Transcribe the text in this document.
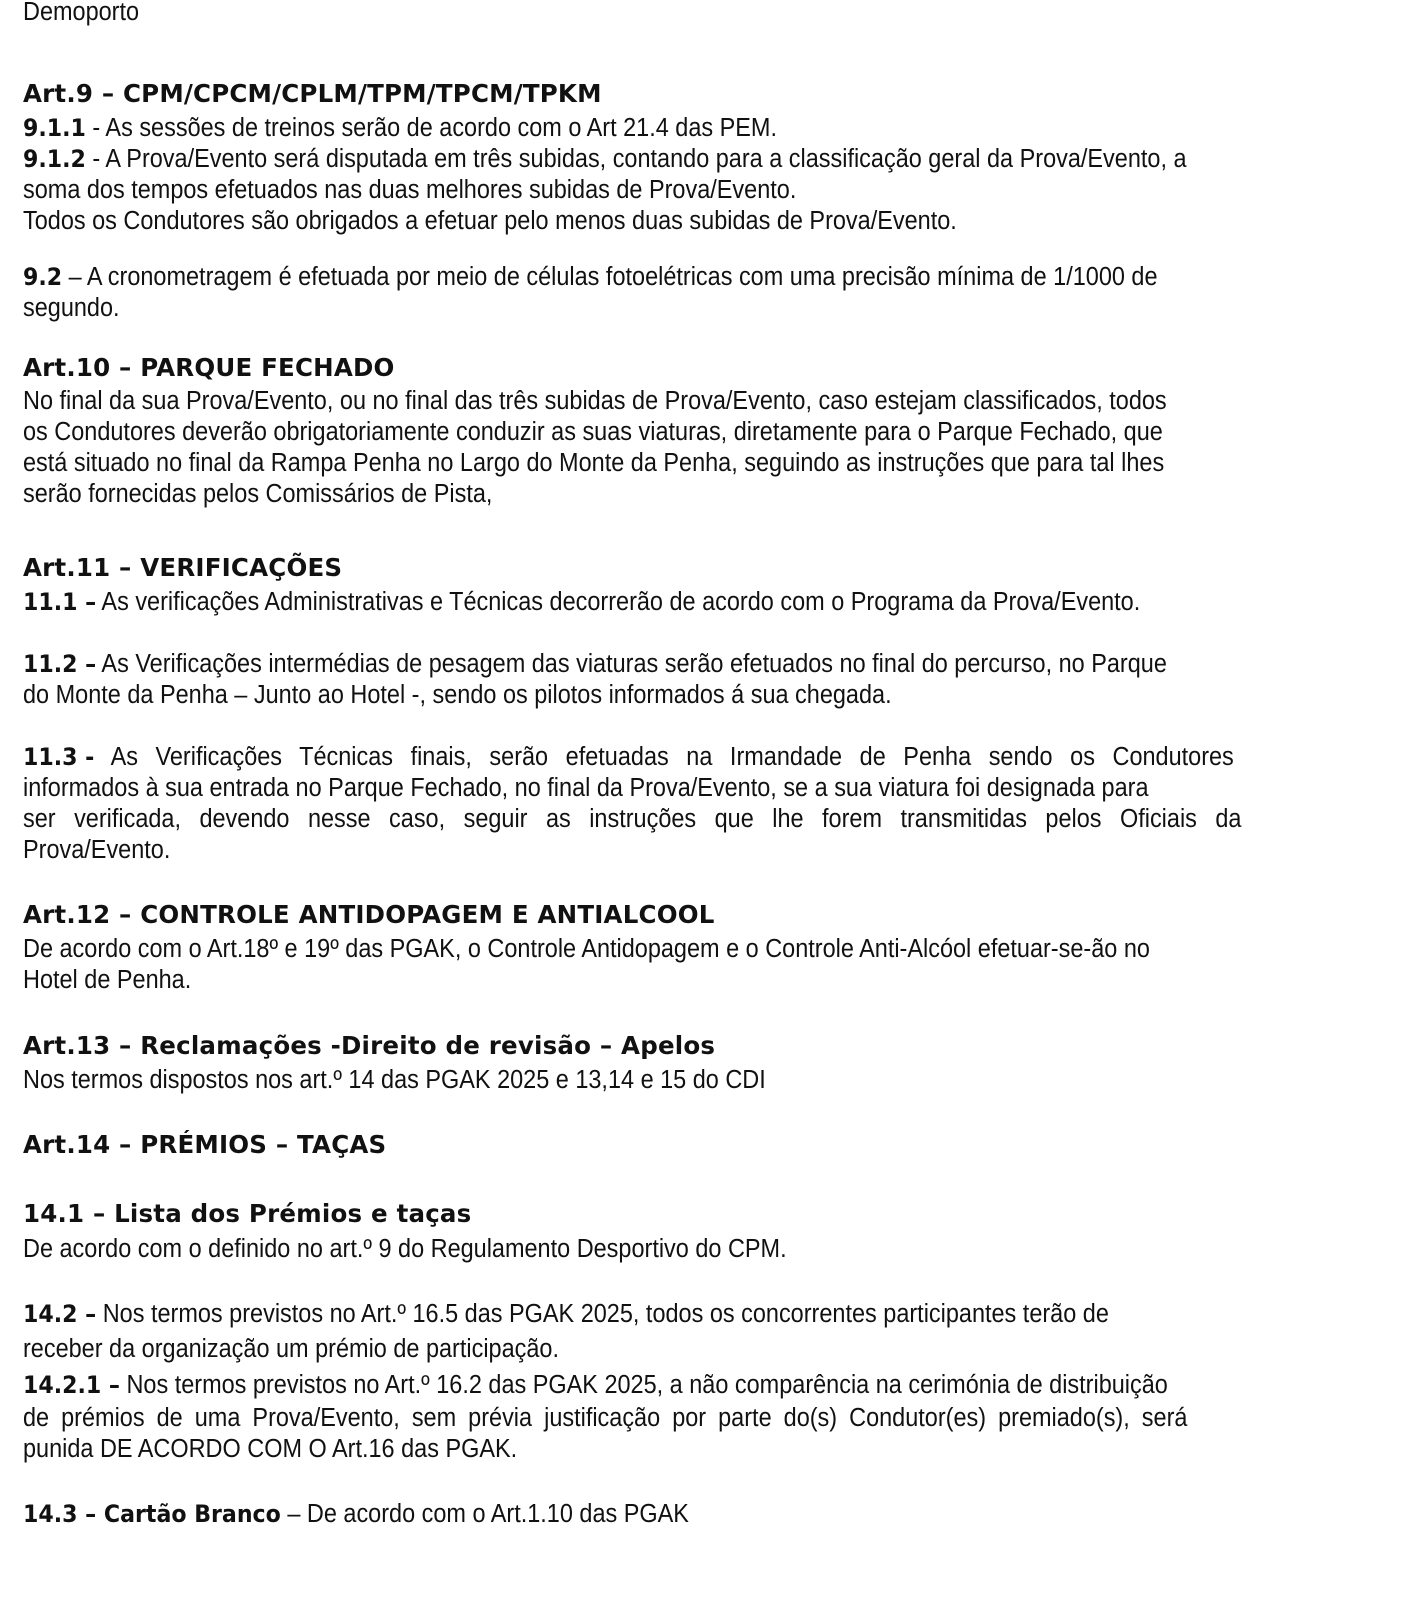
Demoporto
Art.9 – CPM/CPCM/CPLM/TPM/TPCM/TPKM
9.1.1 - As sessões de treinos serão de acordo com o Art 21.4 das PEM.
9.1.2 - A Prova/Evento será disputada em três subidas, contando para a classificação geral da Prova/Evento, a
soma dos tempos efetuados nas duas melhores subidas de Prova/Evento.
Todos os Condutores são obrigados a efetuar pelo menos duas subidas de Prova/Evento.
9.2 – A cronometragem é efetuada por meio de células fotoelétricas com uma precisão mínima de 1/1000 de
segundo.
Art.10 – PARQUE FECHADO
No final da sua Prova/Evento, ou no final das três subidas de Prova/Evento, caso estejam classificados, todos
os Condutores deverão obrigatoriamente conduzir as suas viaturas, diretamente para o Parque Fechado, que
está situado no final da Rampa Penha no Largo do Monte da Penha, seguindo as instruções que para tal lhes
serão fornecidas pelos Comissários de Pista,
Art.11 – VERIFICAÇÕES
11.1 – As verificações Administrativas e Técnicas decorrerão de acordo com o Programa da Prova/Evento.
11.2 – As Verificações intermédias de pesagem das viaturas serão efetuados no final do percurso, no Parque
do Monte da Penha – Junto ao Hotel -, sendo os pilotos informados á sua chegada.
11.3 - As Verificações Técnicas finais, serão efetuadas na Irmandade de Penha sendo os Condutores
informados à sua entrada no Parque Fechado, no final da Prova/Evento, se a sua viatura foi designada para
ser verificada, devendo nesse caso, seguir as instruções que lhe forem transmitidas pelos Oficiais da
Prova/Evento.
Art.12 – CONTROLE ANTIDOPAGEM E ANTIALCOOL
De acordo com o Art.18º e 19º das PGAK, o Controle Antidopagem e o Controle Anti-Alcóol efetuar-se-ão no
Hotel de Penha.
Art.13 – Reclamações -Direito de revisão – Apelos
Nos termos dispostos nos art.º 14 das PGAK 2025 e 13,14 e 15 do CDI
Art.14 – PRÉMIOS – TAÇAS
14.1 – Lista dos Prémios e taças
De acordo com o definido no art.º 9 do Regulamento Desportivo do CPM.
14.2 – Nos termos previstos no Art.º 16.5 das PGAK 2025, todos os concorrentes participantes terão de
receber da organização um prémio de participação.
14.2.1 – Nos termos previstos no Art.º 16.2 das PGAK 2025, a não comparência na cerimónia de distribuição
de prémios de uma Prova/Evento, sem prévia justificação por parte do(s) Condutor(es) premiado(s), será
punida DE ACORDO COM O Art.16 das PGAK.
14.3 – Cartão Branco – De acordo com o Art.1.10 das PGAK
